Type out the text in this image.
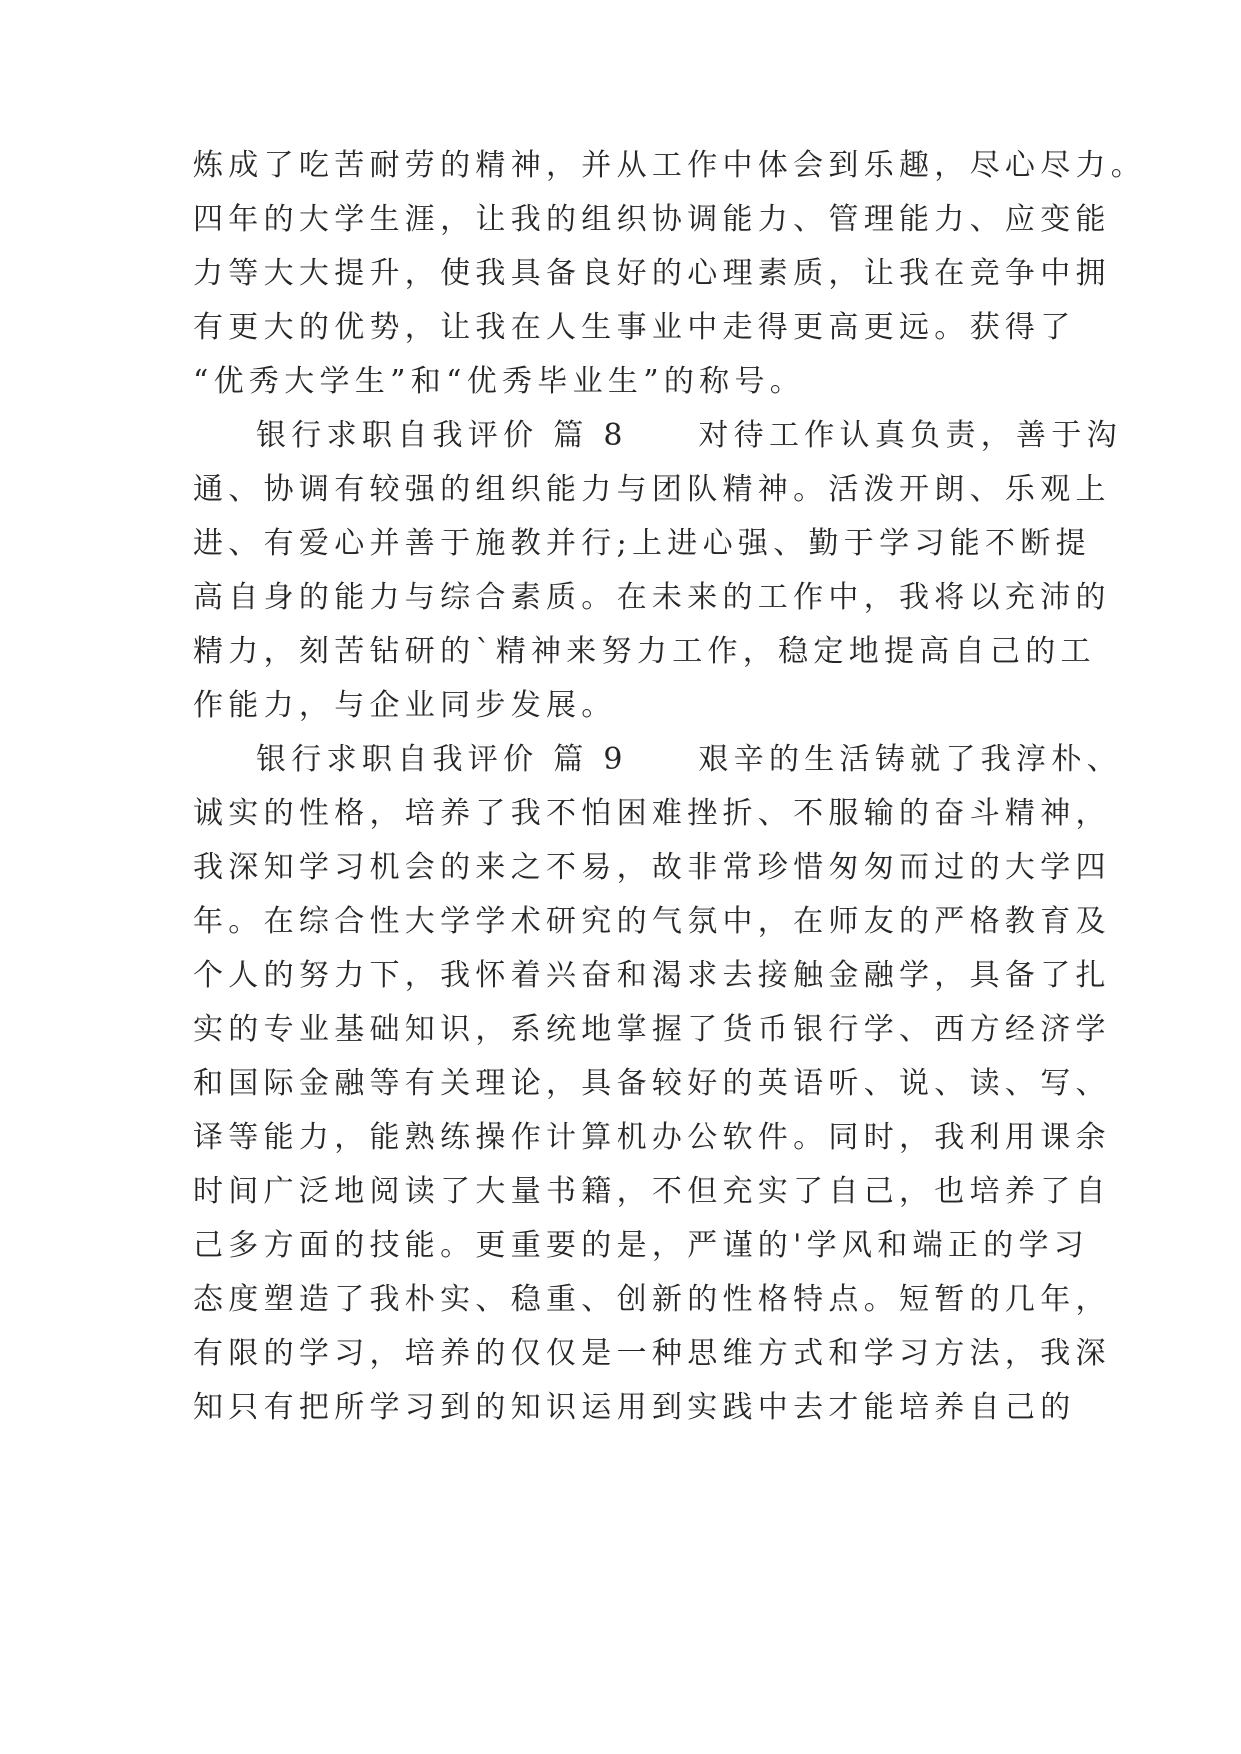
炼成了吃苦耐劳的精神，并从工作中体会到乐趣，尽心尽力。
四年的大学生涯，让我的组织协调能力、管理能力、应变能
力等大大提升，使我具备良好的心理素质，让我在竞争中拥
有更大的优势，让我在人生事业中走得更高更远。获得了
“优秀大学生”和“优秀毕业生”的称号。
银行求职自我评价 篇 8　　对待工作认真负责，善于沟
通、协调有较强的组织能力与团队精神。活泼开朗、乐观上
进、有爱心并善于施教并行;上进心强、勤于学习能不断提
高自身的能力与综合素质。在未来的工作中，我将以充沛的
精力，刻苦钻研的`精神来努力工作，稳定地提高自己的工
作能力，与企业同步发展。
银行求职自我评价 篇 9　　艰辛的生活铸就了我淳朴、
诚实的性格，培养了我不怕困难挫折、不服输的奋斗精神，
我深知学习机会的来之不易，故非常珍惜匆匆而过的大学四
年。在综合性大学学术研究的气氛中，在师友的严格教育及
个人的努力下，我怀着兴奋和渴求去接触金融学，具备了扎
实的专业基础知识，系统地掌握了货币银行学、西方经济学
和国际金融等有关理论，具备较好的英语听、说、读、写、
译等能力，能熟练操作计算机办公软件。同时，我利用课余
时间广泛地阅读了大量书籍，不但充实了自己，也培养了自
己多方面的技能。更重要的是，严谨的'学风和端正的学习
态度塑造了我朴实、稳重、创新的性格特点。短暂的几年，
有限的学习，培养的仅仅是一种思维方式和学习方法，我深
知只有把所学习到的知识运用到实践中去才能培养自己的
